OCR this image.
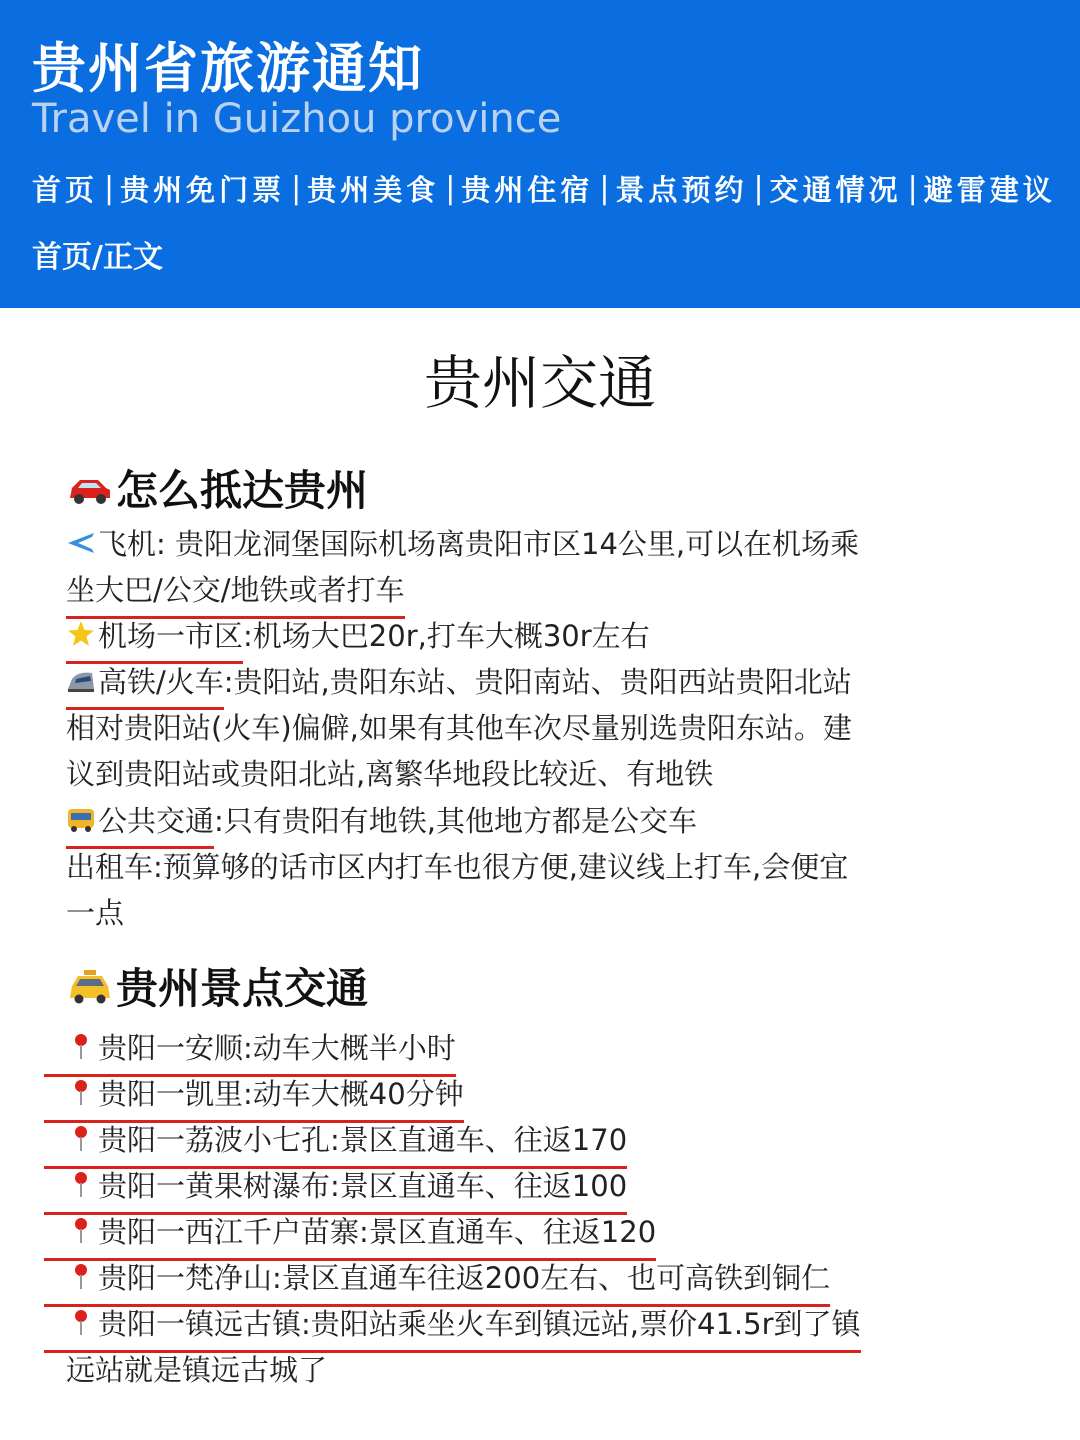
贵州省旅游通知
Travel in Guizhou province
首页 | 贵州免门票 | 贵州美食 | 贵州住宿 | 景点预约 | 交通情况 | 避雷建议
首页/正文
贵州交通
怎么抵达贵州
飞机 : 贵阳龙洞堡国际机场离贵阳市区14公里,可以在机场乘
坐 大巴/公交/地铁或者打车
机场一市区 :机场大巴20r,打车大概30r左右
高铁/火车 :贵阳站,贵阳东站、贵阳南站、贵阳西站贵阳北站
相对贵阳站(火车)偏僻,如果有其他车次尽量别选贵阳东站。建
议到贵阳站或贵阳北站,离繁华地段比较近、有地铁
公共交通 :只有贵阳有地铁,其他地方都是公交车
出租车:预算够的话市区内打车也很方便,建议线上打车,会便宜
一点
贵州景点交通
贵阳一安顺 :动车大概半小时
贵阳一凯里 :动车大概40分钟
贵阳一荔波小七孔 :景区直通车、往返170
贵阳一黄果树瀑布 :景区直通车、往返100
贵阳一西江千户苗寨 :景区直通车、往返120
贵阳一梵净山 :景区直通车往返200左右、也可高铁到铜仁
贵阳一镇远古镇 :贵阳站乘坐火车到镇远站,票价41.5r到了镇
远站就是镇远古城了
